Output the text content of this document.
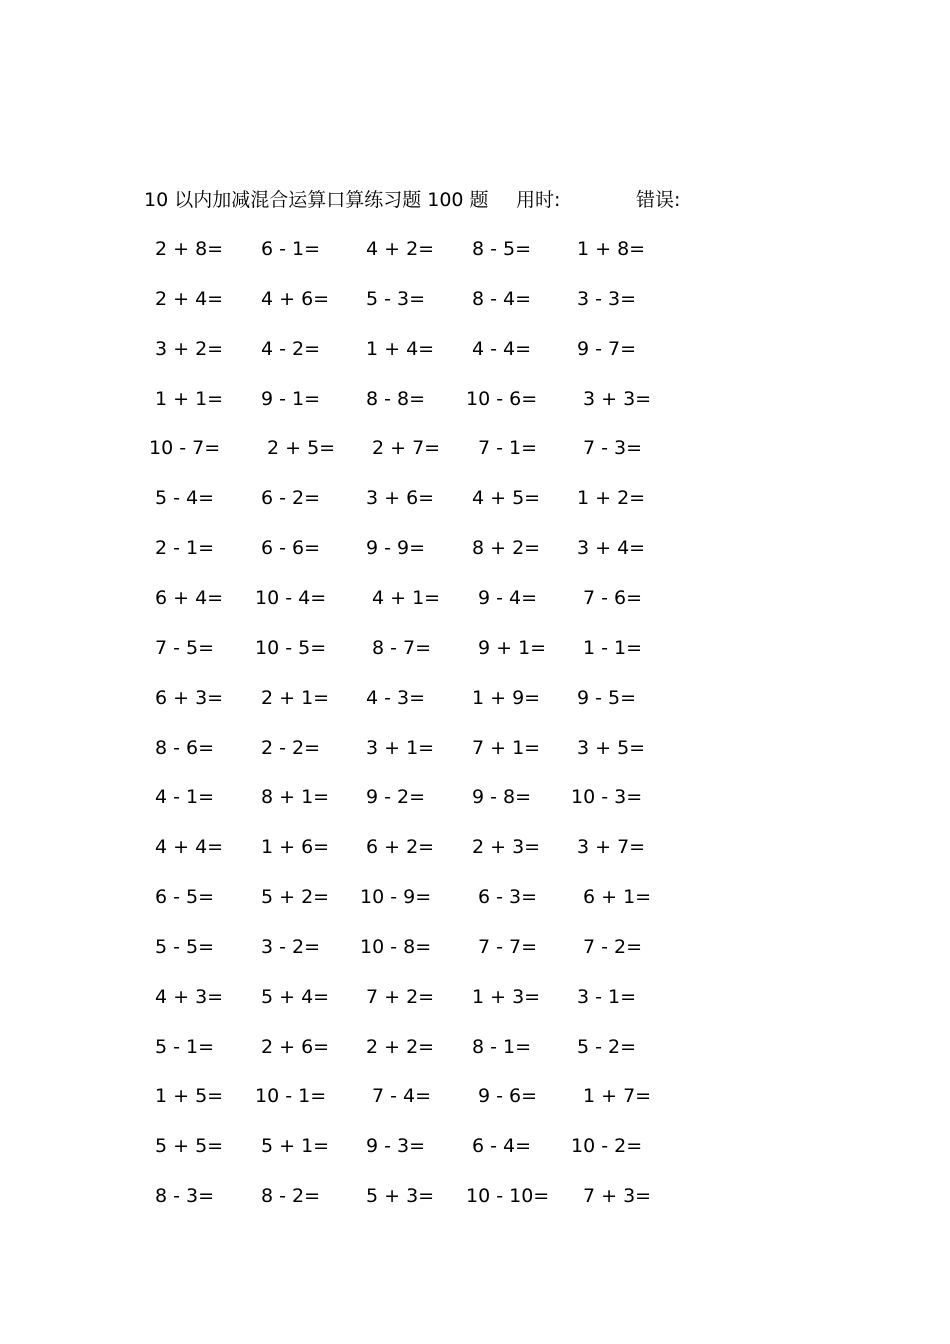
10 以内加减混合运算口算练习题 100 题 用时:	错误:
2 + 8= 6 - 1= 4 + 2= 8 - 5= 1 + 8=
2 + 4= 4 + 6= 5 - 3= 8 - 4= 3 - 3=
3 + 2= 4 - 2= 1 + 4= 4 - 4= 9 - 7=
1 + 1= 9 - 1= 8 - 8= 10 - 6= 3 + 3=
10 - 7= 2 + 5= 2 + 7= 7 - 1= 7 - 3=
5 - 4= 6 - 2= 3 + 6= 4 + 5= 1 + 2=
2 - 1= 6 - 6= 9 - 9= 8 + 2= 3 + 4=
6 + 4= 10 - 4= 4 + 1= 9 - 4= 7 - 6=
7 - 5= 10 - 5= 8 - 7= 9 + 1= 1 - 1=
6 + 3= 2 + 1= 4 - 3= 1 + 9= 9 - 5=
8 - 6= 2 - 2= 3 + 1= 7 + 1= 3 + 5=
4 - 1= 8 + 1= 9 - 2= 9 - 8= 10 - 3=
4 + 4= 1 + 6= 6 + 2= 2 + 3= 3 + 7=
6 - 5= 5 + 2= 10 - 9= 6 - 3= 6 + 1=
5 - 5= 3 - 2= 10 - 8= 7 - 7= 7 - 2=
4 + 3= 5 + 4= 7 + 2= 1 + 3= 3 - 1=
5 - 1= 2 + 6= 2 + 2= 8 - 1= 5 - 2=
1 + 5= 10 - 1= 7 - 4= 9 - 6= 1 + 7=
5 + 5= 5 + 1= 9 - 3= 6 - 4= 10 - 2=
8 - 3= 8 - 2= 5 + 3= 10 - 10= 7 + 3=
